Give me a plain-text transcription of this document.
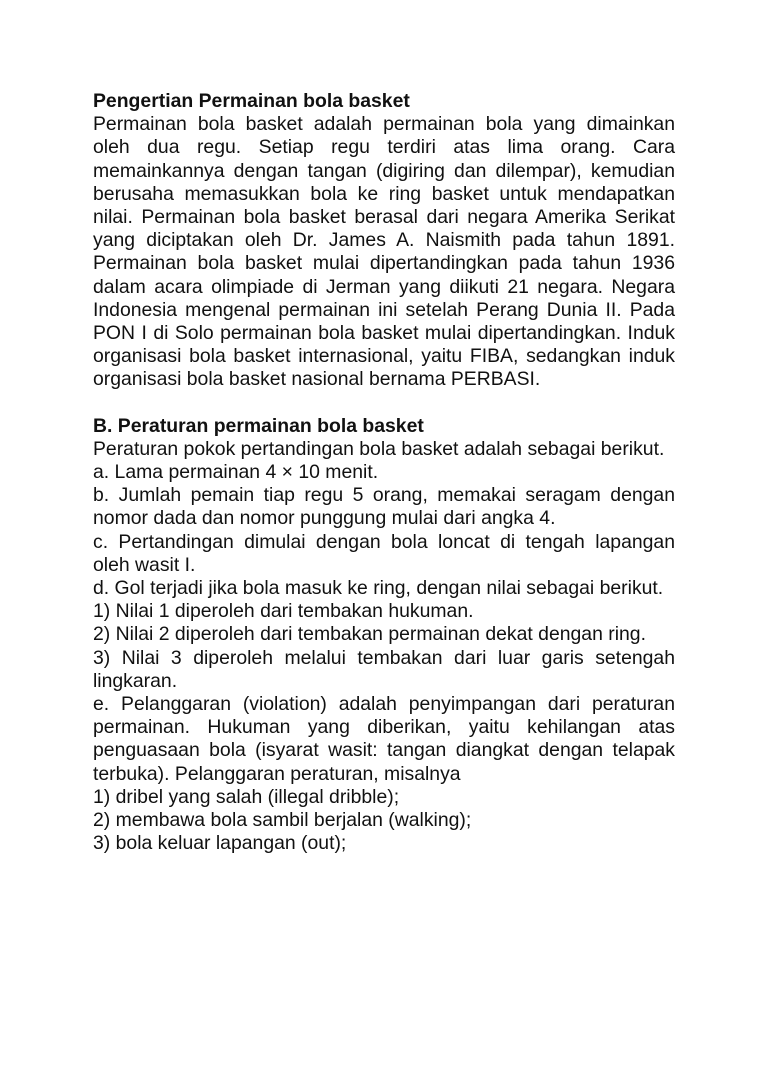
Pengertian Permainan bola basket

Permainan bola basket adalah permainan bola yang dimainkan oleh dua regu. Setiap regu terdiri atas lima orang. Cara memainkannya dengan tangan (digiring dan dilempar), kemudian berusaha memasukkan bola ke ring basket untuk mendapatkan nilai. Permainan bola basket berasal dari negara Amerika Serikat yang diciptakan oleh Dr. James A. Naismith pada tahun 1891. Permainan bola basket mulai dipertandingkan pada tahun 1936 dalam acara olimpiade di Jerman yang diikuti 21 negara. Negara Indonesia mengenal permainan ini setelah Perang Dunia II. Pada PON I di Solo permainan bola basket mulai dipertandingkan. Induk organisasi bola basket internasional, yaitu FIBA, sedangkan induk organisasi bola basket nasional bernama PERBASI.

B. Peraturan permainan bola basket

Peraturan pokok pertandingan bola basket adalah sebagai berikut.

a. Lama permainan 4 × 10 menit.

b. Jumlah pemain tiap regu 5 orang, memakai seragam dengan nomor dada dan nomor punggung mulai dari angka 4.

c. Pertandingan dimulai dengan bola loncat di tengah lapangan oleh wasit I.

d. Gol terjadi jika bola masuk ke ring, dengan nilai sebagai berikut.

1) Nilai 1 diperoleh dari tembakan hukuman.

2) Nilai 2 diperoleh dari tembakan permainan dekat dengan ring.

3) Nilai 3 diperoleh melalui tembakan dari luar garis setengah lingkaran.

e. Pelanggaran (violation) adalah penyimpangan dari peraturan permainan. Hukuman yang diberikan, yaitu kehilangan atas penguasaan bola (isyarat wasit: tangan diangkat dengan telapak terbuka). Pelanggaran peraturan, misalnya

1) dribel yang salah (illegal dribble);

2) membawa bola sambil berjalan (walking);

3) bola keluar lapangan (out);
